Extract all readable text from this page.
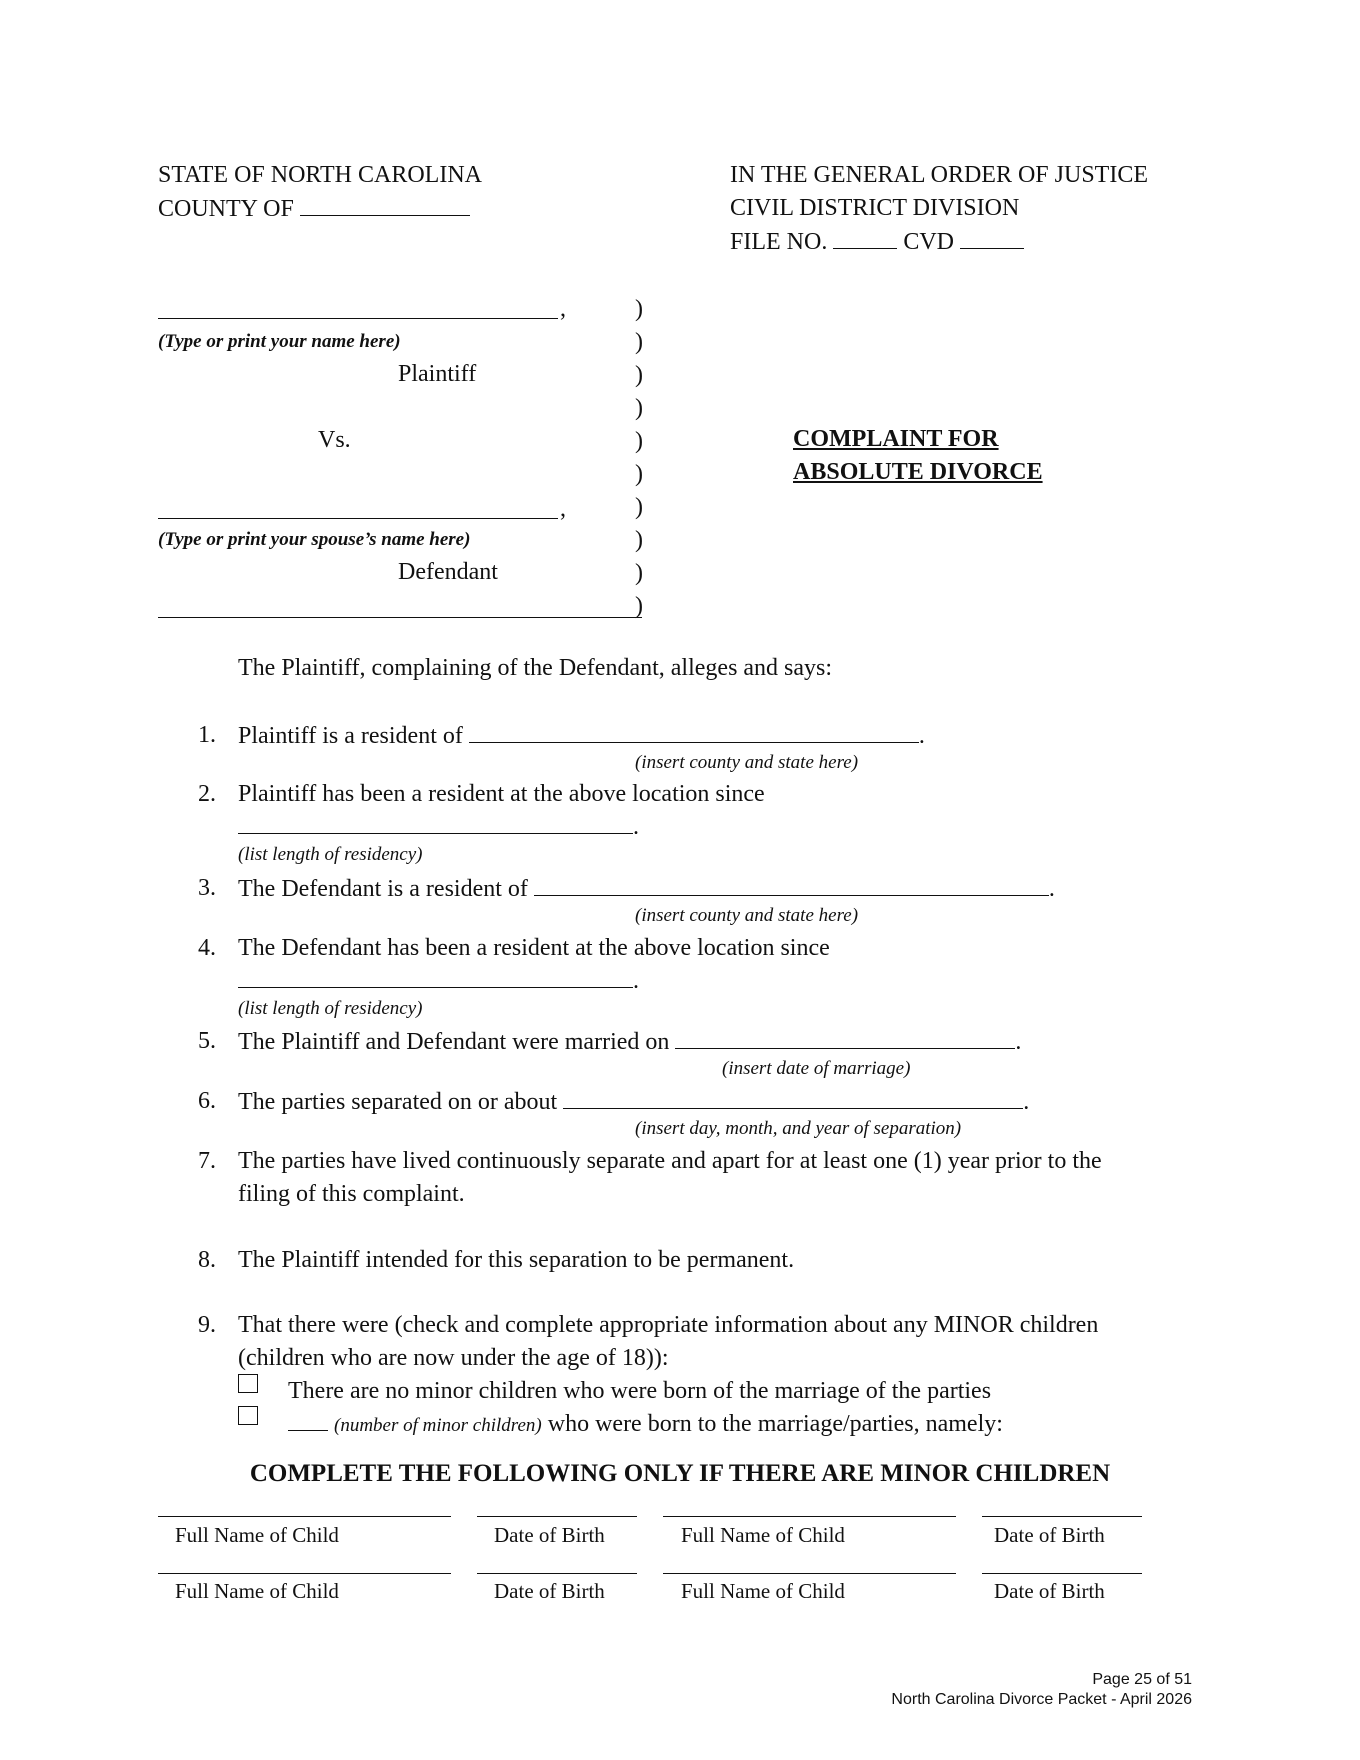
STATE OF NORTH CAROLINA
COUNTY OF
IN THE GENERAL ORDER OF JUSTICE
CIVIL DISTRICT DIVISION
FILE NO.	CVD
,
(Type or print your name here)
Plaintiff
Vs.
,
(Type or print your spouse’s name here)
Defendant
)
)
)
)
)
)
)
)
)
)
COMPLAINT FOR
ABSOLUTE DIVORCE
The Plaintiff, complaining of the Defendant, alleges and says:
1. Plaintiff is a resident of	.
(insert county and state here)
2. Plaintiff has been a resident at the above location since
.
(list length of residency)
3. The Defendant is a resident of	.
(insert county and state here)
4. The Defendant has been a resident at the above location since
.
(list length of residency)
5. The Plaintiff and Defendant were married on	.
(insert date of marriage)
6. The parties separated on or about	.
(insert day, month, and year of separation)
7. The parties have lived continuously separate and apart for at least one (1) year prior to the
filing of this complaint.
8. The Plaintiff intended for this separation to be permanent.
9. That there were (check and complete appropriate information about any MINOR children
(children who are now under the age of 18)):
There are no minor children who were born of the marriage of the parties
(number of minor children) who were born to the marriage/parties, namely:
COMPLETE THE FOLLOWING ONLY IF THERE ARE MINOR CHILDREN
Full Name of Child	Date of Birth	Full Name of Child	Date of Birth
Full Name of Child	Date of Birth	Full Name of Child	Date of Birth
Page 25 of 51
North Carolina Divorce Packet - April 2026
